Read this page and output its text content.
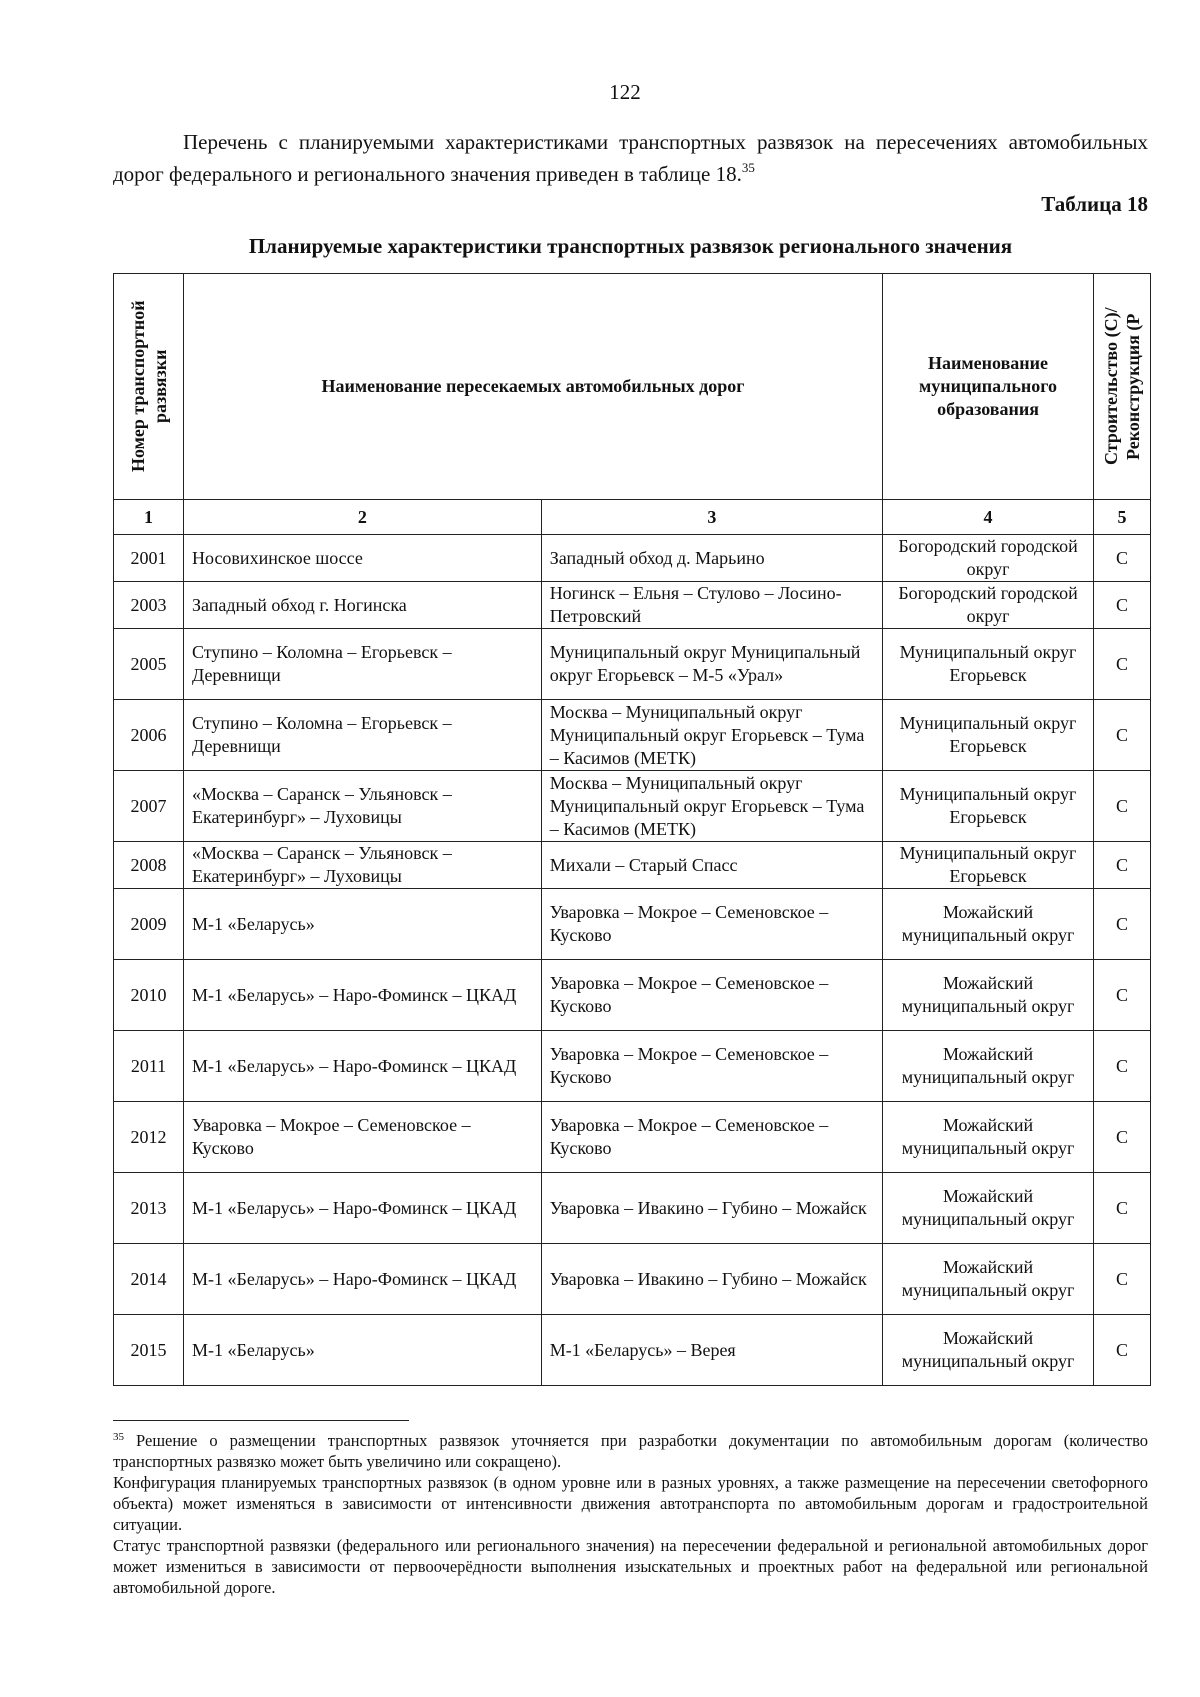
122

Перечень с планируемыми характеристиками транспортных развязок на пересечениях автомобильных дорог федерального и регионального значения приведен в таблице 18.35

Таблица 18
Планируемые характеристики транспортных развязок регионального значения
Номер транспортной развязки	Наименование пересекаемых автомобильных дорог		Наименование муниципального образования	Строительство (С)/ Реконструкция (Р

1	2	3	4	5
2001	Носовихинское шоссе	Западный обход д. Марьино	Богородский городской округ	С
2003	Западный обход г. Ногинска	Ногинск – Ельня – Стулово – Лосино-Петровский	Богородский городской округ	С
2005	Ступино – Коломна – Егорьевск – Деревнищи	Муниципальный округ Муниципальный округ Егорьевск – М-5 «Урал»	Муниципальный округ Егорьевск	С
2006	Ступино – Коломна – Егорьевск – Деревнищи	Москва – Муниципальный округ Муниципальный округ Егорьевск – Тума – Касимов (МЕТК)	Муниципальный округ Егорьевск	С
2007	«Москва – Саранск – Ульяновск – Екатеринбург» – Луховицы	Москва – Муниципальный округ Муниципальный округ Егорьевск – Тума – Касимов (МЕТК)	Муниципальный округ Егорьевск	С
2008	«Москва – Саранск – Ульяновск – Екатеринбург» – Луховицы	Михали – Старый Спасс	Муниципальный округ Егорьевск	С
2009	М-1 «Беларусь»	Уваровка – Мокрое – Семеновское – Кусково	Можайский муниципальный округ	С
2010	М-1 «Беларусь» – Наро-Фоминск – ЦКАД	Уваровка – Мокрое – Семеновское – Кусково	Можайский муниципальный округ	С
2011	М-1 «Беларусь» – Наро-Фоминск – ЦКАД	Уваровка – Мокрое – Семеновское – Кусково	Можайский муниципальный округ	С
2012	Уваровка – Мокрое – Семеновское – Кусково	Уваровка – Мокрое – Семеновское – Кусково	Можайский муниципальный округ	С
2013	М-1 «Беларусь» – Наро-Фоминск – ЦКАД	Уваровка – Ивакино – Губино – Можайск	Можайский муниципальный округ	С
2014	М-1 «Беларусь» – Наро-Фоминск – ЦКАД	Уваровка – Ивакино – Губино – Можайск	Можайский муниципальный округ	С
2015	М-1 «Беларусь»	М-1 «Беларусь» – Верея	Можайский муниципальный округ	С

$^{35}$ Решение о размещении транспортных развязок уточняется при разработки документации по автомобильным дорогам (количество транспортных развязко может быть увеличино или сокращено).

Конфигурация планируемых транспортных развязок (в одном уровне или в разных уровнях, а также размещение на пересечении светофорного объекта) может изменяться в зависимости от интенсивности движения автотранспорта по автомобильным дорогам и градостроительной ситуации.

Статус транспортной развязки (федерального или регионального значения) на пересечении федеральной и региональной автомобильных дорог может измениться в зависимости от первоочерёдности выполнения изыскательных и проектных работ на федеральной или региональной автомобильной дороге.
